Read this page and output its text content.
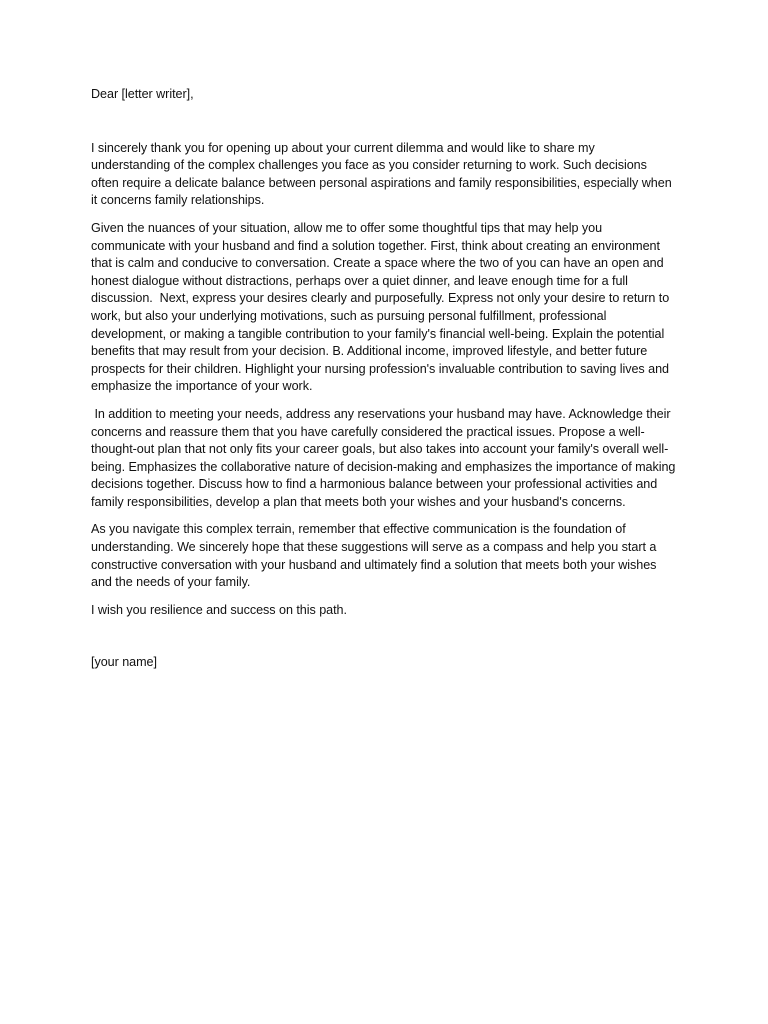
Dear [letter writer],

I sincerely thank you for opening up about your current dilemma and would like to share my understanding of the complex challenges you face as you consider returning to work. Such decisions often require a delicate balance between personal aspirations and family responsibilities, especially when it concerns family relationships.

Given the nuances of your situation, allow me to offer some thoughtful tips that may help you communicate with your husband and find a solution together. First, think about creating an environment that is calm and conducive to conversation. Create a space where the two of you can have an open and honest dialogue without distractions, perhaps over a quiet dinner, and leave enough time for a full discussion.  Next, express your desires clearly and purposefully. Express not only your desire to return to work, but also your underlying motivations, such as pursuing personal fulfillment, professional development, or making a tangible contribution to your family's financial well-being. Explain the potential benefits that may result from your decision. B. Additional income, improved lifestyle, and better future prospects for their children. Highlight your nursing profession's invaluable contribution to saving lives and emphasize the importance of your work.

In addition to meeting your needs, address any reservations your husband may have. Acknowledge their concerns and reassure them that you have carefully considered the practical issues. Propose a well-thought-out plan that not only fits your career goals, but also takes into account your family's overall well-being. Emphasizes the collaborative nature of decision-making and emphasizes the importance of making decisions together. Discuss how to find a harmonious balance between your professional activities and family responsibilities, develop a plan that meets both your wishes and your husband's concerns.

As you navigate this complex terrain, remember that effective communication is the foundation of understanding. We sincerely hope that these suggestions will serve as a compass and help you start a constructive conversation with your husband and ultimately find a solution that meets both your wishes and the needs of your family.

I wish you resilience and success on this path.

[your name]
